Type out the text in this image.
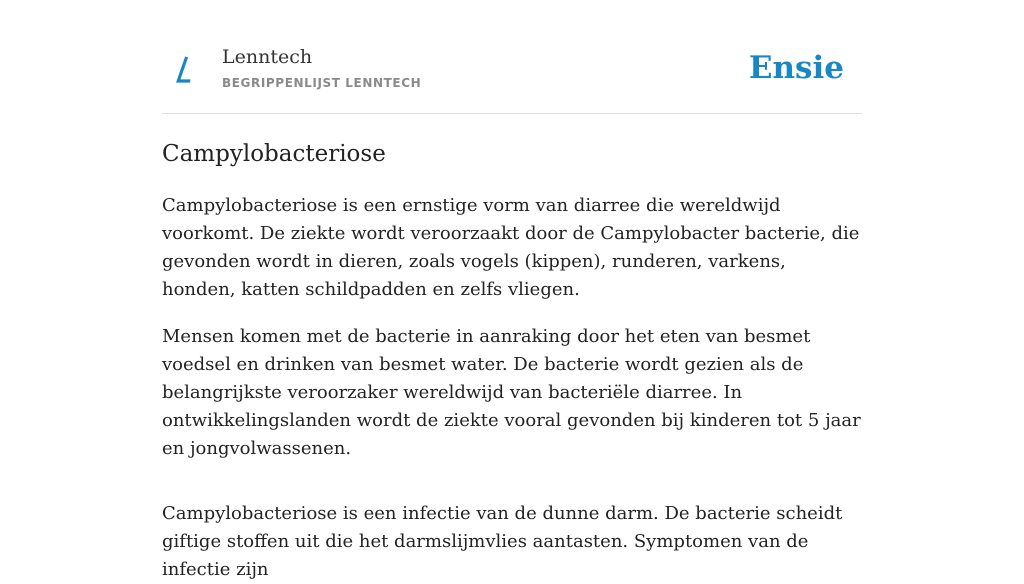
Lenntech
BEGRIPPENLIJST LENNTECH	Ensie
Campylobacteriose

Campylobacteriose is een ernstige vorm van diarree die wereldwijd voorkomt. De ziekte wordt veroorzaakt door de Campylobacter bacterie, die gevonden wordt in dieren, zoals vogels (kippen), runderen, varkens, honden, katten schildpadden en zelfs vliegen.

Mensen komen met de bacterie in aanraking door het eten van besmet voedsel en drinken van besmet water. De bacterie wordt gezien als de belangrijkste veroorzaker wereldwijd van bacteriële diarree. In ontwikkelingslanden wordt de ziekte vooral gevonden bij kinderen tot 5 jaar en jongvolwassenen.

Campylobacteriose is een infectie van de dunne darm. De bacterie scheidt giftige stoffen uit die het darmslijmvlies aantasten. Symptomen van de infectie zijn
